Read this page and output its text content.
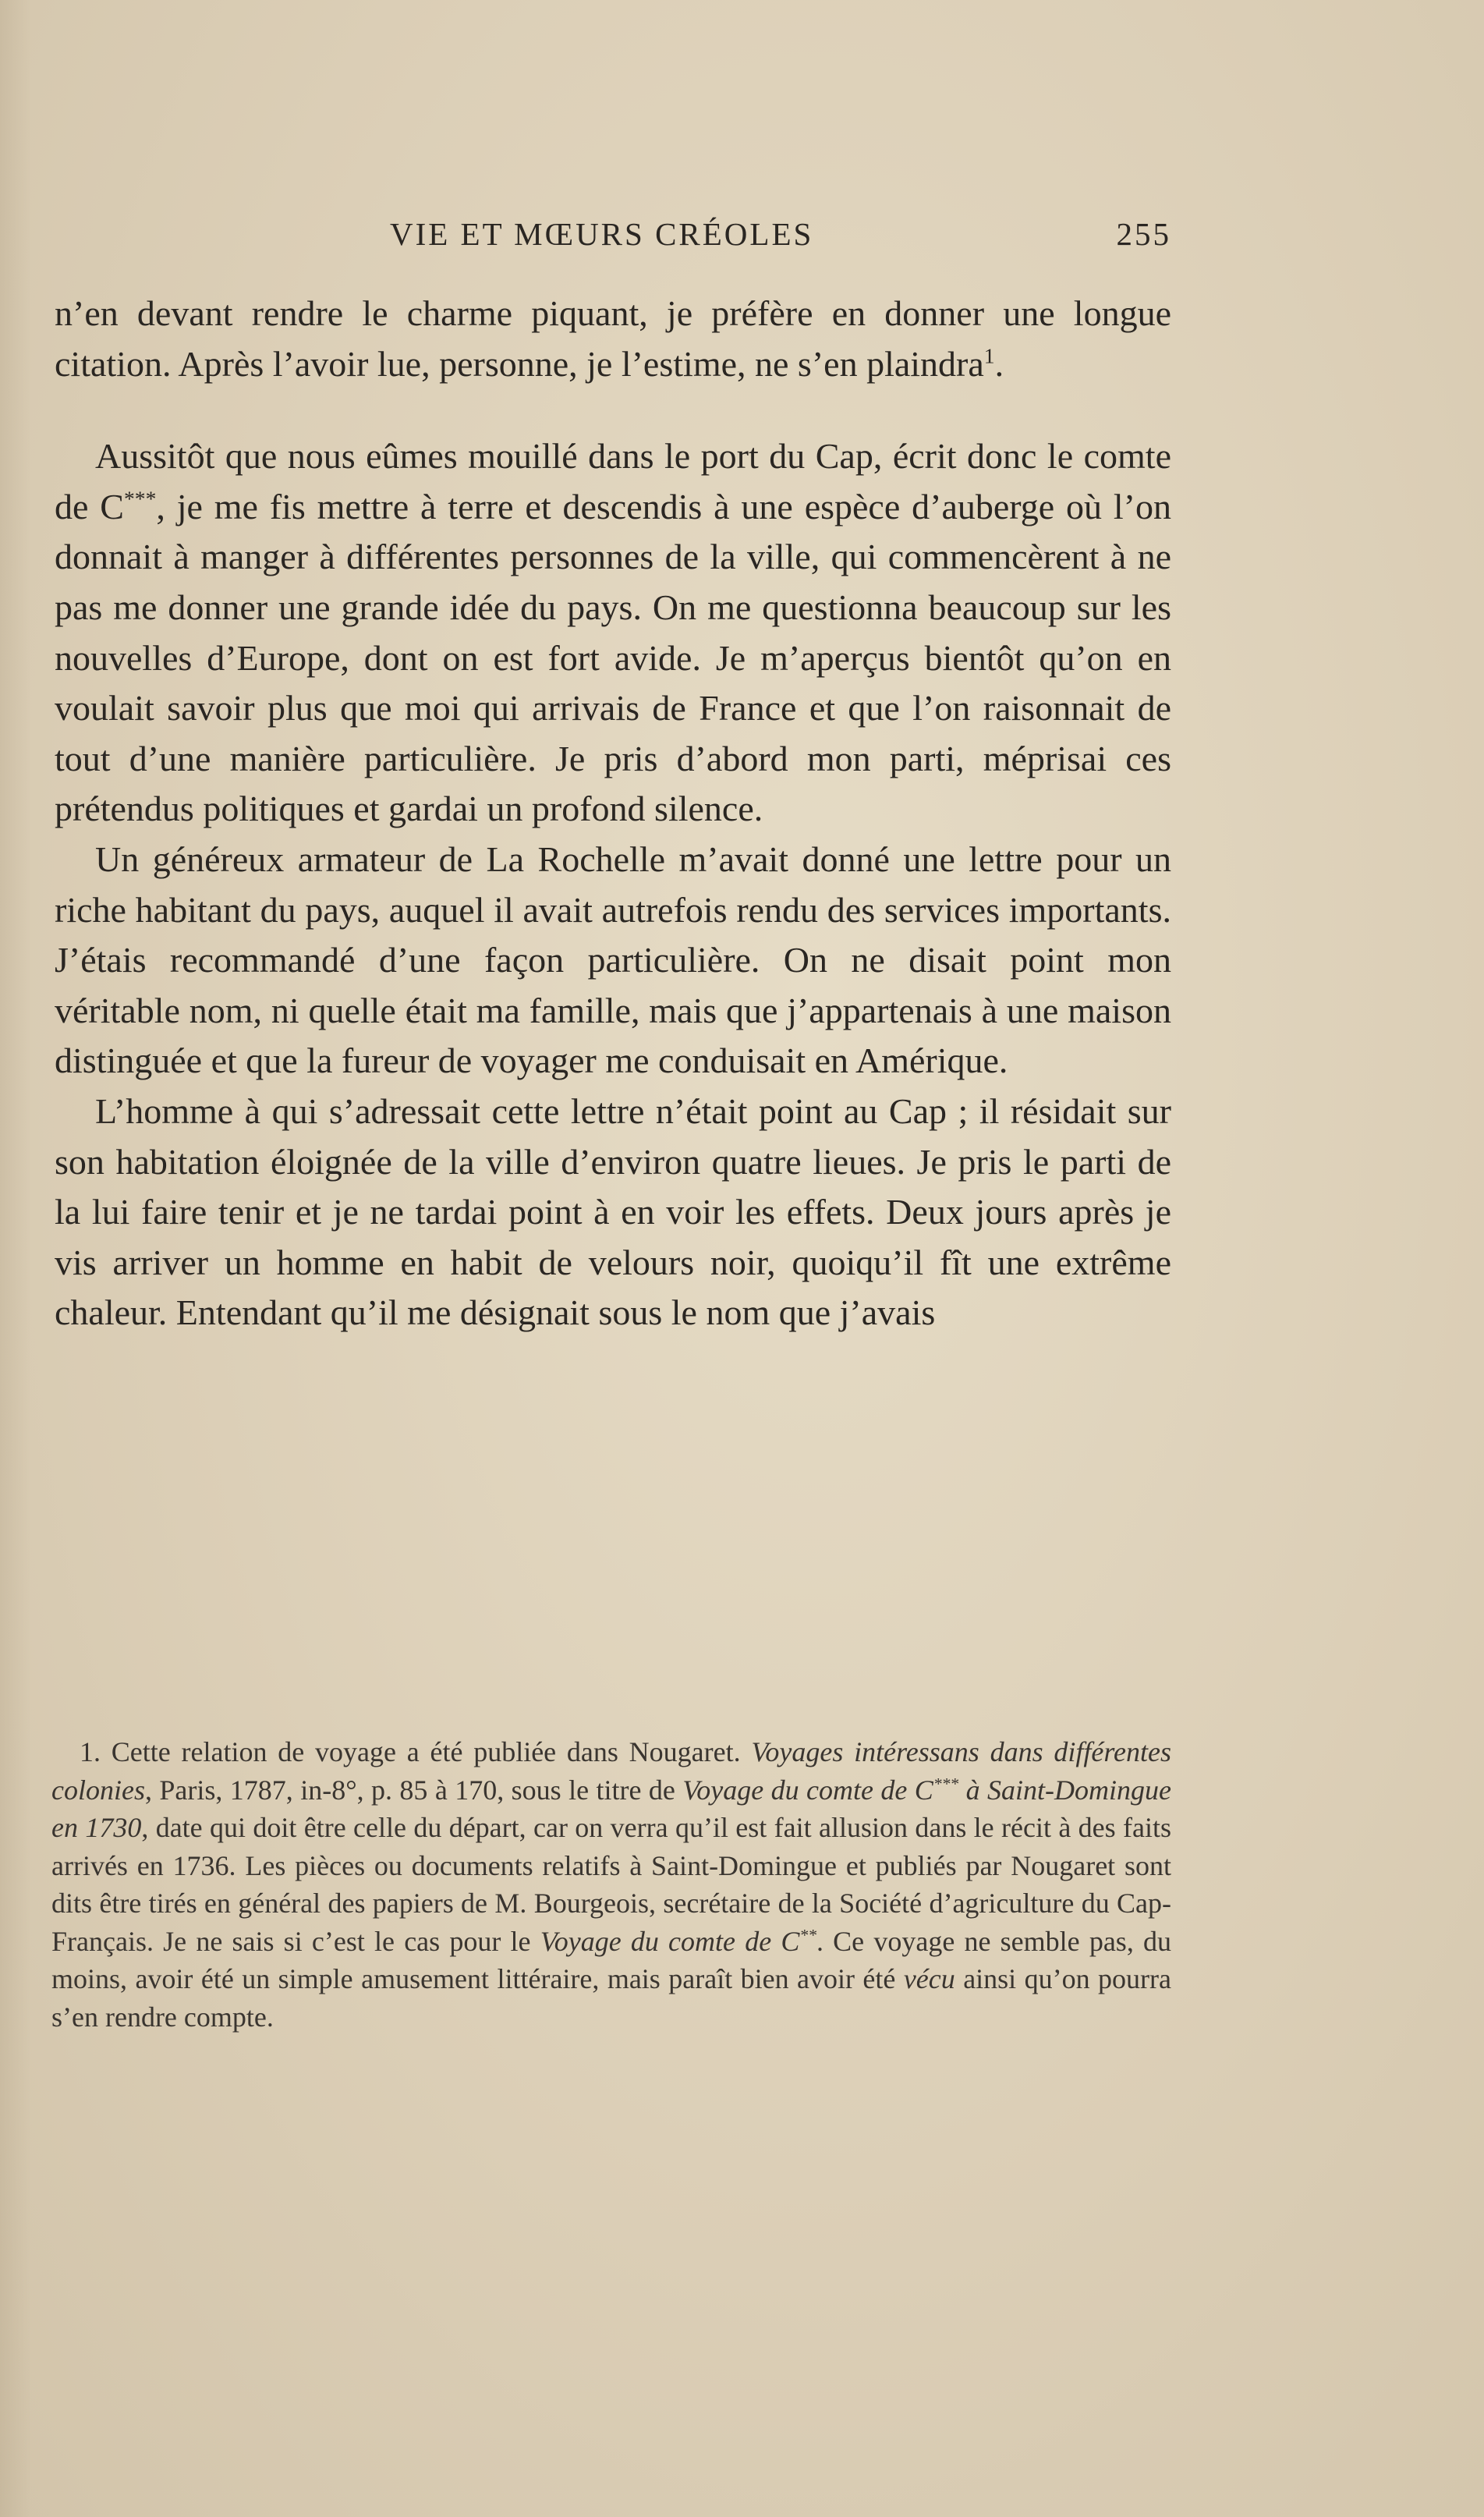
VIE ET MŒURS CRÉOLES	255

n’en devant rendre le charme piquant, je préfère en donner une longue citation. Après l’avoir lue, personne, je l’estime, ne s’en plaindra$^1$.

Aussitôt que nous eûmes mouillé dans le port du Cap, écrit donc le comte de C***, je me fis mettre à terre et descendis à une espèce d’auberge où l’on donnait à manger à différentes personnes de la ville, qui commencèrent à ne pas me donner une grande idée du pays. On me questionna beaucoup sur les nouvelles d’Europe, dont on est fort avide. Je m’aperçus bientôt qu’on en voulait savoir plus que moi qui arrivais de France et que l’on raisonnait de tout d’une manière particulière. Je pris d’abord mon parti, méprisai ces prétendus politiques et gardai un profond silence.

Un généreux armateur de La Rochelle m’avait donné une lettre pour un riche habitant du pays, auquel il avait autrefois rendu des services importants. J’étais recommandé d’une façon particulière. On ne disait point mon véritable nom, ni quelle était ma famille, mais que j’appartenais à une maison distinguée et que la fureur de voyager me conduisait en Amérique.

L’homme à qui s’adressait cette lettre n’était point au Cap ; il résidait sur son habitation éloignée de la ville d’environ quatre lieues. Je pris le parti de la lui faire tenir et je ne tardai point à en voir les effets. Deux jours après je vis arriver un homme en habit de velours noir, quoiqu’il fît une extrême chaleur. Entendant qu’il me désignait sous le nom que j’avais

1. Cette relation de voyage a été publiée dans Nougaret. Voyages intéressans dans différentes colonies, Paris, 1787, in-8°, p. 85 à 170, sous le titre de Voyage du comte de C*** à Saint-Domingue en 1730, date qui doit être celle du départ, car on verra qu’il est fait allusion dans le récit à des faits arrivés en 1736. Les pièces ou documents relatifs à Saint-Domingue et publiés par Nougaret sont dits être tirés en général des papiers de M. Bourgeois, secrétaire de la Société d’agriculture du Cap-Français. Je ne sais si c’est le cas pour le Voyage du comte de C**. Ce voyage ne semble pas, du moins, avoir été un simple amusement littéraire, mais paraît bien avoir été vécu ainsi qu’on pourra s’en rendre compte.
